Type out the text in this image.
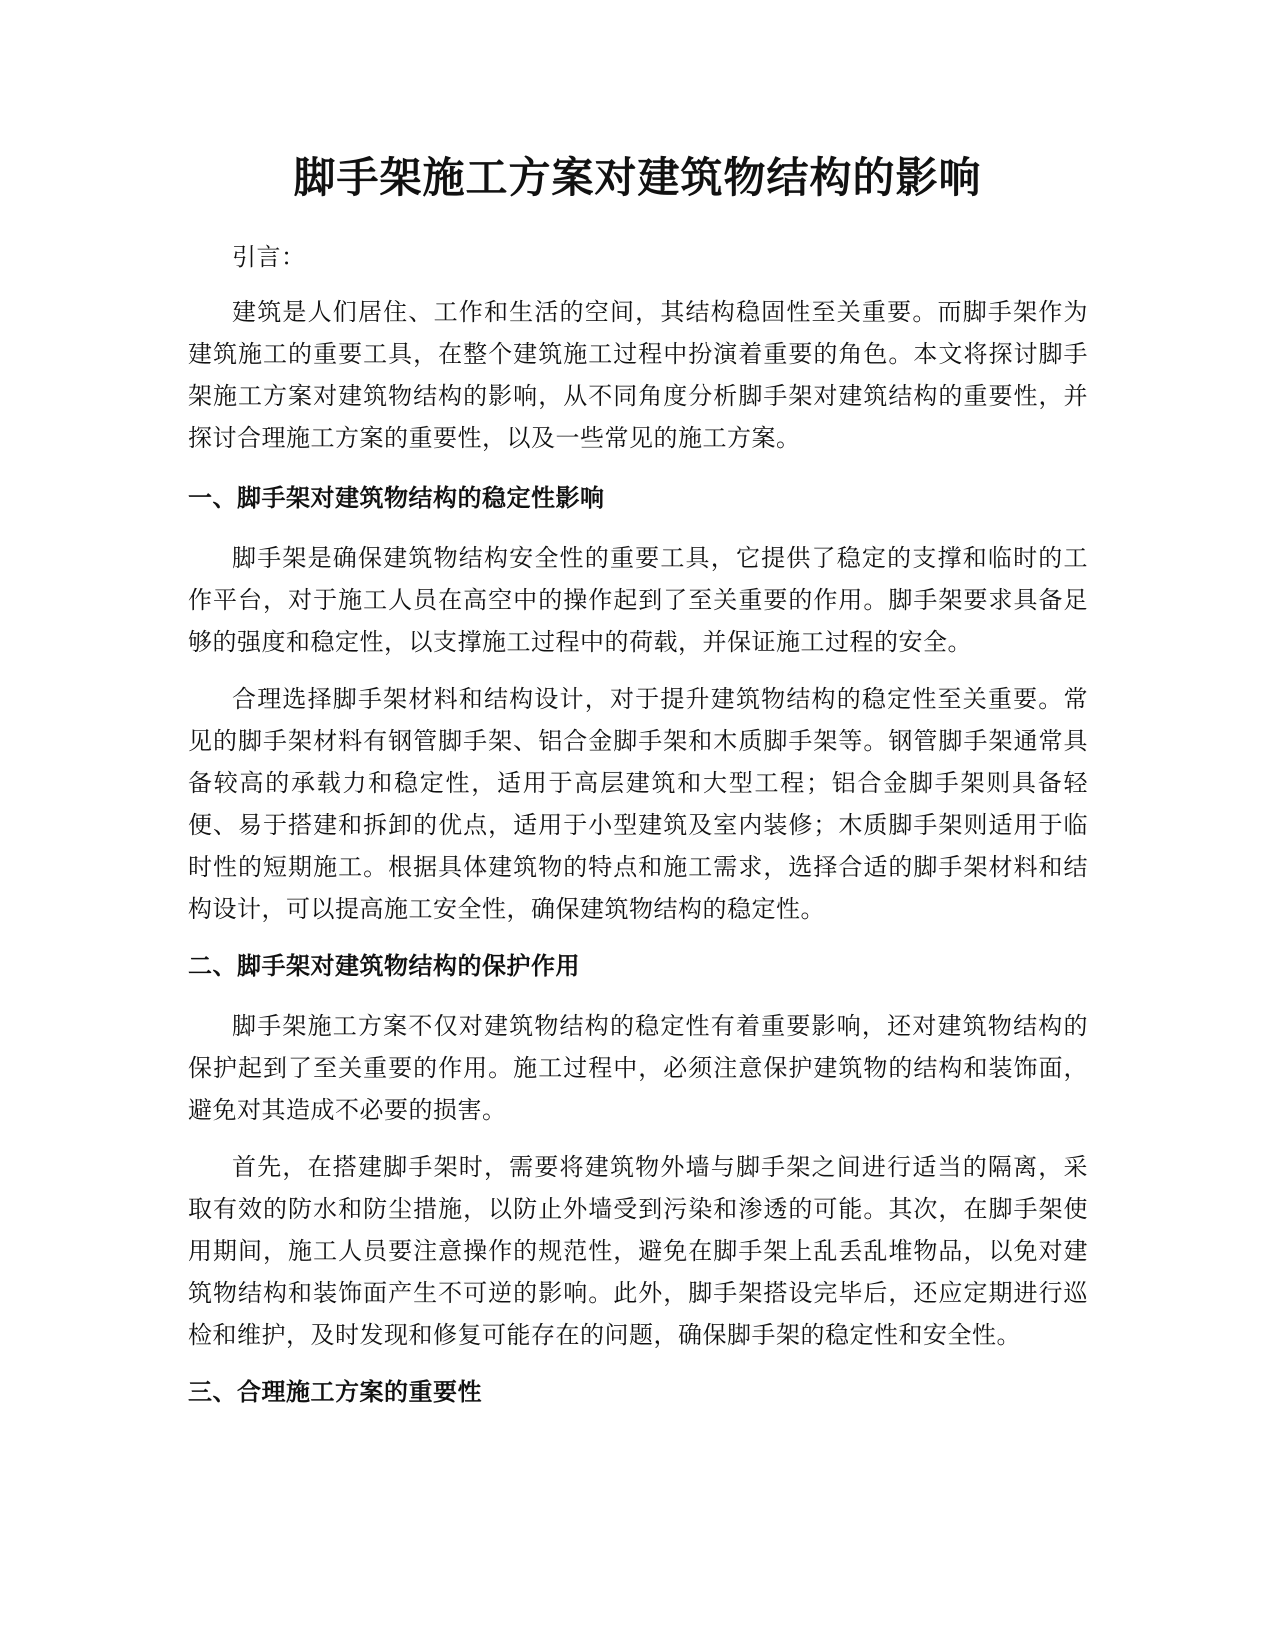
脚手架施工方案对建筑物结构的影响

引言：

建筑是人们居住、工作和生活的空间，其结构稳固性至关重要。而脚手架作为建筑施工的重要工具，在整个建筑施工过程中扮演着重要的角色。本文将探讨脚手架施工方案对建筑物结构的影响，从不同角度分析脚手架对建筑结构的重要性，并探讨合理施工方案的重要性，以及一些常见的施工方案。

一、脚手架对建筑物结构的稳定性影响

脚手架是确保建筑物结构安全性的重要工具，它提供了稳定的支撑和临时的工作平台，对于施工人员在高空中的操作起到了至关重要的作用。脚手架要求具备足够的强度和稳定性，以支撑施工过程中的荷载，并保证施工过程的安全。

合理选择脚手架材料和结构设计，对于提升建筑物结构的稳定性至关重要。常见的脚手架材料有钢管脚手架、铝合金脚手架和木质脚手架等。钢管脚手架通常具备较高的承载力和稳定性，适用于高层建筑和大型工程；铝合金脚手架则具备轻便、易于搭建和拆卸的优点，适用于小型建筑及室内装修；木质脚手架则适用于临时性的短期施工。根据具体建筑物的特点和施工需求，选择合适的脚手架材料和结构设计，可以提高施工安全性，确保建筑物结构的稳定性。

二、脚手架对建筑物结构的保护作用

脚手架施工方案不仅对建筑物结构的稳定性有着重要影响，还对建筑物结构的保护起到了至关重要的作用。施工过程中，必须注意保护建筑物的结构和装饰面，避免对其造成不必要的损害。

首先，在搭建脚手架时，需要将建筑物外墙与脚手架之间进行适当的隔离，采取有效的防水和防尘措施，以防止外墙受到污染和渗透的可能。其次，在脚手架使用期间，施工人员要注意操作的规范性，避免在脚手架上乱丢乱堆物品，以免对建筑物结构和装饰面产生不可逆的影响。此外，脚手架搭设完毕后，还应定期进行巡检和维护，及时发现和修复可能存在的问题，确保脚手架的稳定性和安全性。

三、合理施工方案的重要性
